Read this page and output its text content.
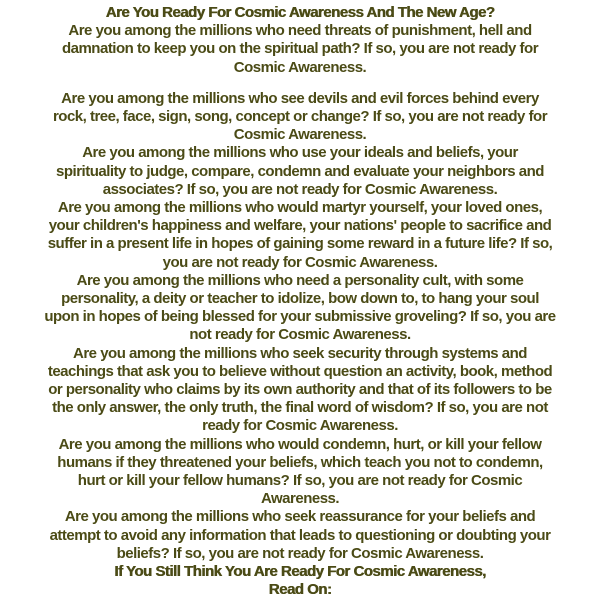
Are You Ready For Cosmic Awareness And The New Age?
Are you among the millions who need threats of punishment, hell and
damnation to keep you on the spiritual path? If so, you are not ready for
Cosmic Awareness.
Are you among the millions who see devils and evil forces behind every
rock, tree, face, sign, song, concept or change? If so, you are not ready for
Cosmic Awareness.
Are you among the millions who use your ideals and beliefs, your
spirituality to judge, compare, condemn and evaluate your neighbors and
associates? If so, you are not ready for Cosmic Awareness.
Are you among the millions who would martyr yourself, your loved ones,
your children's happiness and welfare, your nations' people to sacrifice and
suffer in a present life in hopes of gaining some reward in a future life? If so,
you are not ready for Cosmic Awareness.
Are you among the millions who need a personality cult, with some
personality, a deity or teacher to idolize, bow down to, to hang your soul
upon in hopes of being blessed for your submissive groveling? If so, you are
not ready for Cosmic Awareness.
Are you among the millions who seek security through systems and
teachings that ask you to believe without question an activity, book, method
or personality who claims by its own authority and that of its followers to be
the only answer, the only truth, the final word of wisdom? If so, you are not
ready for Cosmic Awareness.
Are you among the millions who would condemn, hurt, or kill your fellow
humans if they threatened your beliefs, which teach you not to condemn,
hurt or kill your fellow humans? If so, you are not ready for Cosmic
Awareness.
Are you among the millions who seek reassurance for your beliefs and
attempt to avoid any information that leads to questioning or doubting your
beliefs? If so, you are not ready for Cosmic Awareness.
If You Still Think You Are Ready For Cosmic Awareness,
Read On:
